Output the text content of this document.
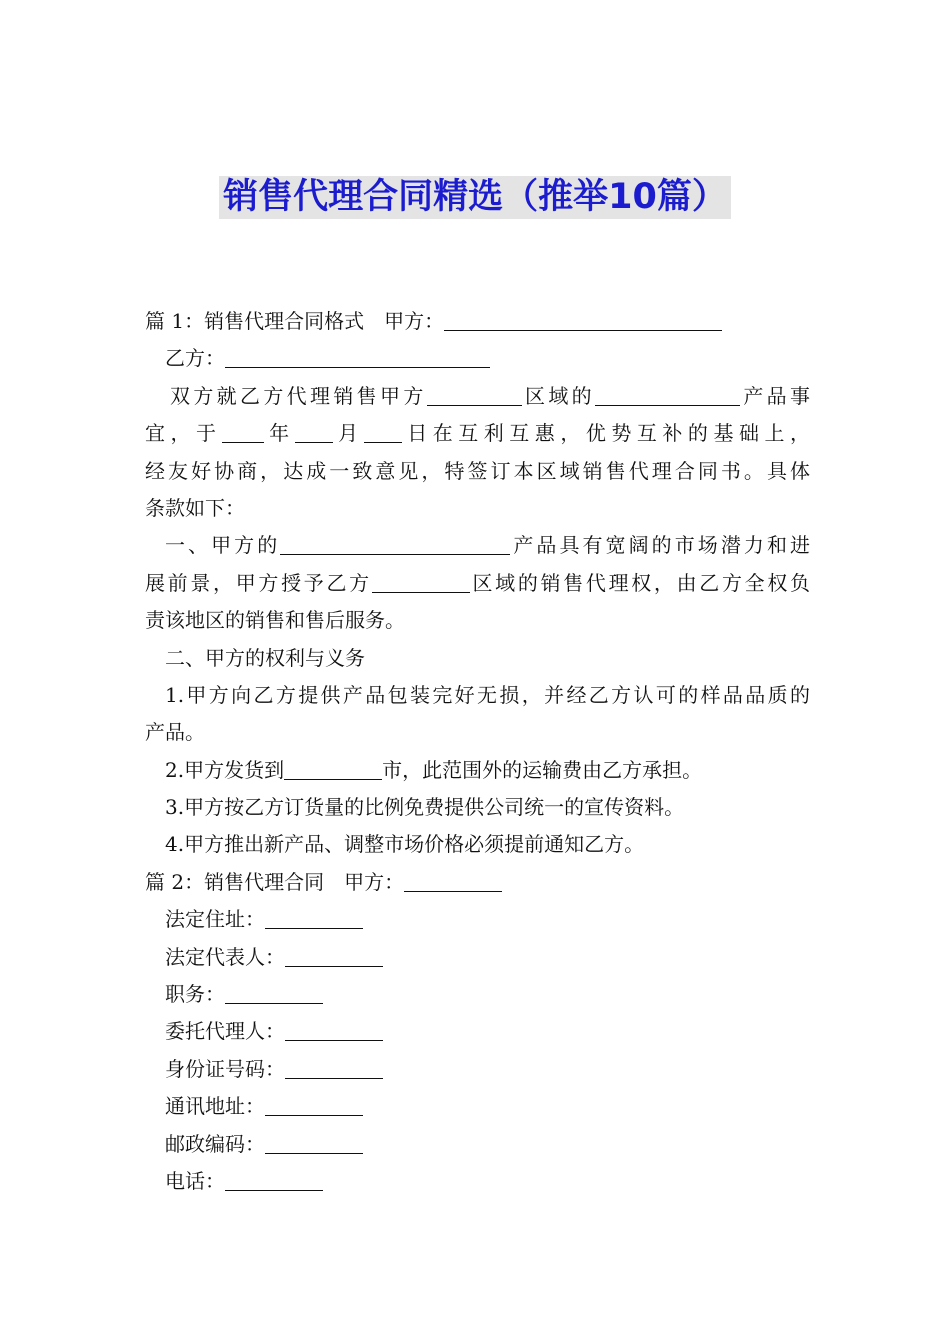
销售代理合同精选（推举10篇）
篇 1：销售代理合同格式　甲方：
乙方：
双方就乙方代理销售甲方	区域的	产品事
宜，于 年 月 日在互利互惠，优势互补的基础上，
经友好协商，达成一致意见，特签订本区域销售代理合同书。具体
条款如下：
一、甲方的	产品具有宽阔的市场潜力和进
展前景，甲方授予乙方	区域的销售代理权，由乙方全权负
责该地区的销售和售后服务。
二、甲方的权利与义务
1.甲方向乙方提供产品包装完好无损，并经乙方认可的样品品质的
产品。
2.甲方发货到	市，此范围外的运输费由乙方承担。
3.甲方按乙方订货量的比例免费提供公司统一的宣传资料。
4.甲方推出新产品、调整市场价格必须提前通知乙方。
篇 2：销售代理合同　甲方：
法定住址：
法定代表人：
职务：
委托代理人：
身份证号码：
通讯地址：
邮政编码：
电话：
